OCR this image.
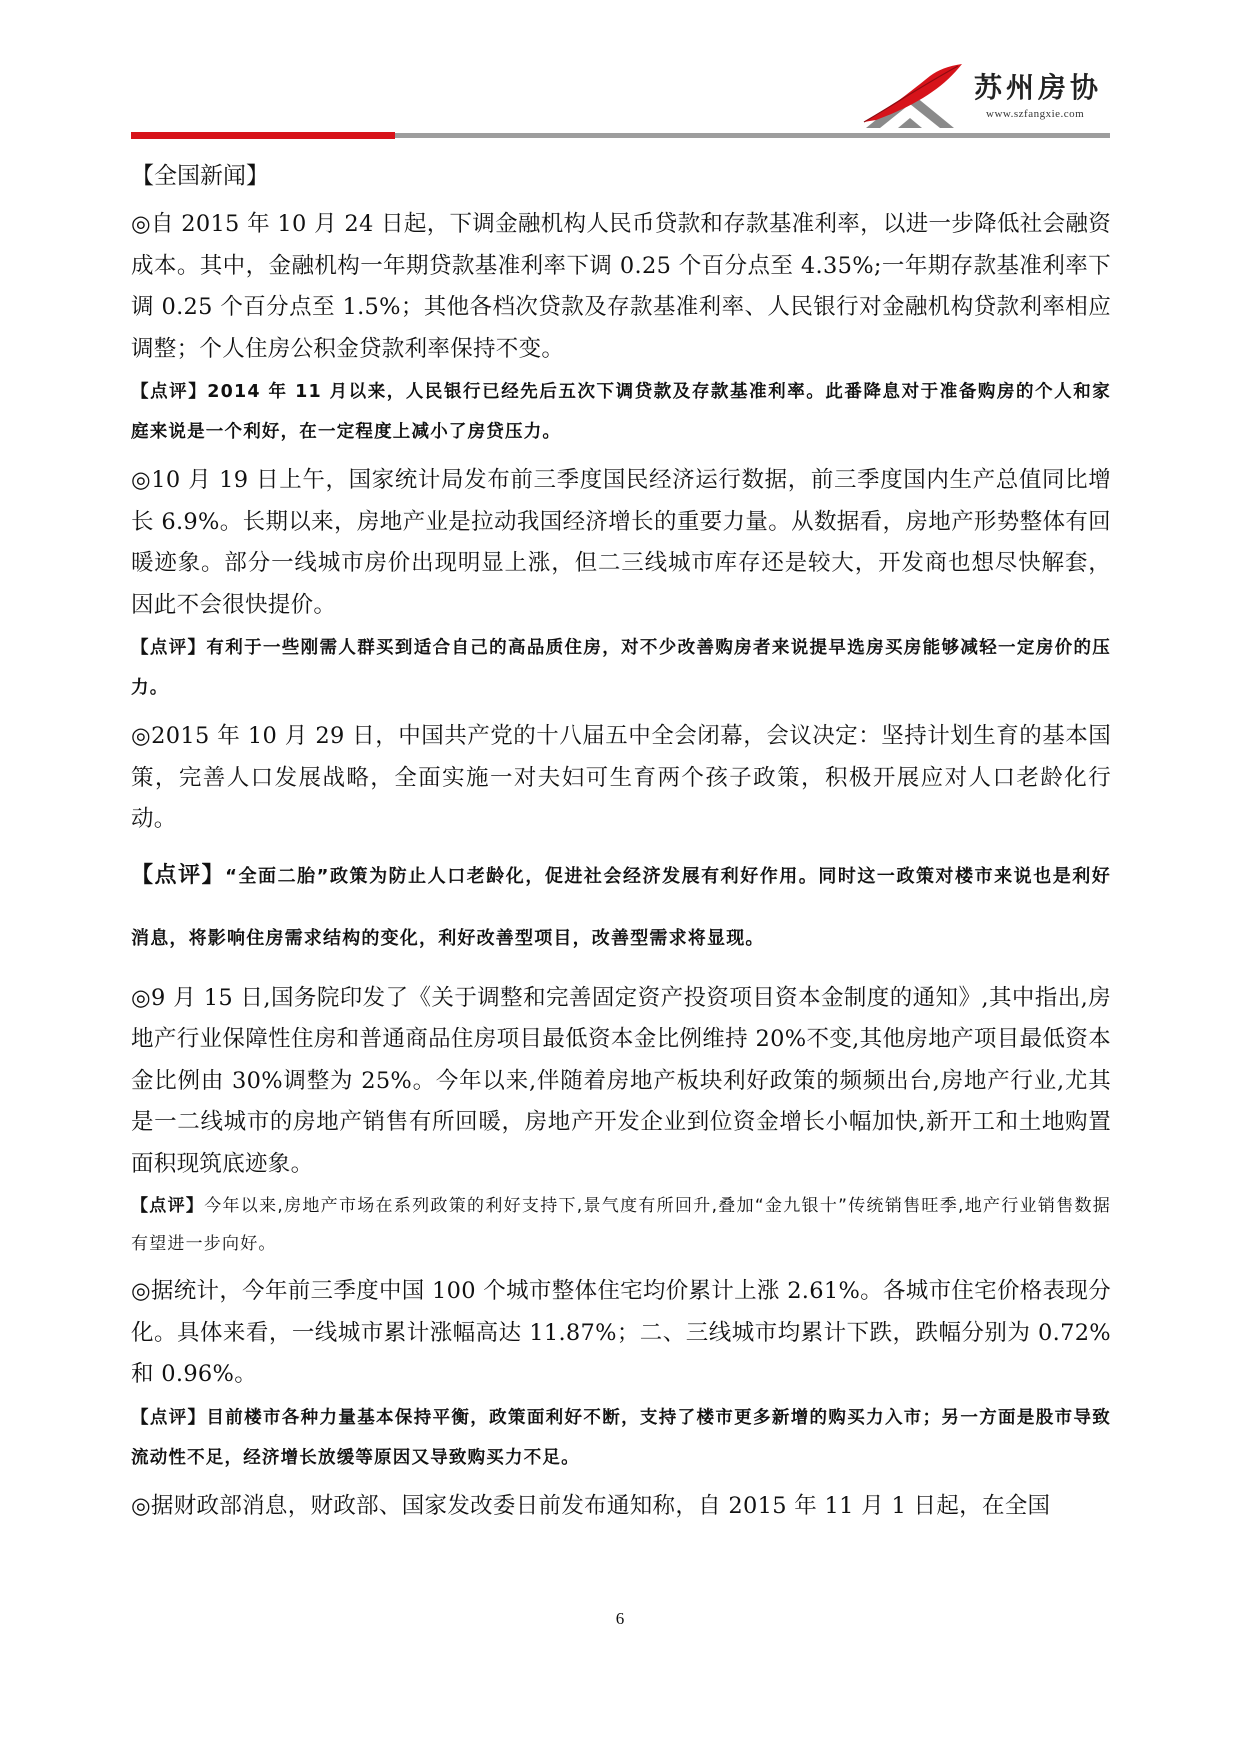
苏州房协
www.szfangxie.com
【全国新闻】

◎自 2015 年 10 月 24 日起，下调金融机构人民币贷款和存款基准利率，以进一步降低社会融资成本。其中，金融机构一年期贷款基准利率下调 0.25 个百分点至 4.35%;一年期存款基准利率下调 0.25 个百分点至 1.5%；其他各档次贷款及存款基准利率、人民银行对金融机构贷款利率相应调整；个人住房公积金贷款利率保持不变。

【点评】2014 年 11 月以来，人民银行已经先后五次下调贷款及存款基准利率。此番降息对于准备购房的个人和家庭来说是一个利好，在一定程度上减小了房贷压力。

◎10 月 19 日上午，国家统计局发布前三季度国民经济运行数据，前三季度国内生产总值同比增长 6.9%。长期以来，房地产业是拉动我国经济增长的重要力量。从数据看，房地产形势整体有回暖迹象。部分一线城市房价出现明显上涨，但二三线城市库存还是较大，开发商也想尽快解套，因此不会很快提价。

【点评】有利于一些刚需人群买到适合自己的高品质住房，对不少改善购房者来说提早选房买房能够减轻一定房价的压力。

◎2015 年 10 月 29 日，中国共产党的十八届五中全会闭幕，会议决定：坚持计划生育的基本国策，完善人口发展战略，全面实施一对夫妇可生育两个孩子政策，积极开展应对人口老龄化行动。

【点评】“全面二胎”政策为防止人口老龄化，促进社会经济发展有利好作用。同时这一政策对楼市来说也是利好消息，将影响住房需求结构的变化，利好改善型项目，改善型需求将显现。

◎9 月 15 日,国务院印发了《关于调整和完善固定资产投资项目资本金制度的通知》,其中指出,房地产行业保障性住房和普通商品住房项目最低资本金比例维持 20%不变,其他房地产项目最低资本金比例由 30%调整为 25%。今年以来,伴随着房地产板块利好政策的频频出台,房地产行业,尤其是一二线城市的房地产销售有所回暖，房地产开发企业到位资金增长小幅加快,新开工和土地购置面积现筑底迹象。

【点评】今年以来,房地产市场在系列政策的利好支持下,景气度有所回升,叠加“金九银十”传统销售旺季,地产行业销售数据有望进一步向好。

◎据统计，今年前三季度中国 100 个城市整体住宅均价累计上涨 2.61%。各城市住宅价格表现分化。具体来看，一线城市累计涨幅高达 11.87%；二、三线城市均累计下跌，跌幅分别为 0.72%和 0.96%。

【点评】目前楼市各种力量基本保持平衡，政策面利好不断，支持了楼市更多新增的购买力入市；另一方面是股市导致流动性不足，经济增长放缓等原因又导致购买力不足。

◎据财政部消息，财政部、国家发改委日前发布通知称，自 2015 年 11 月 1 日起，在全国

6
